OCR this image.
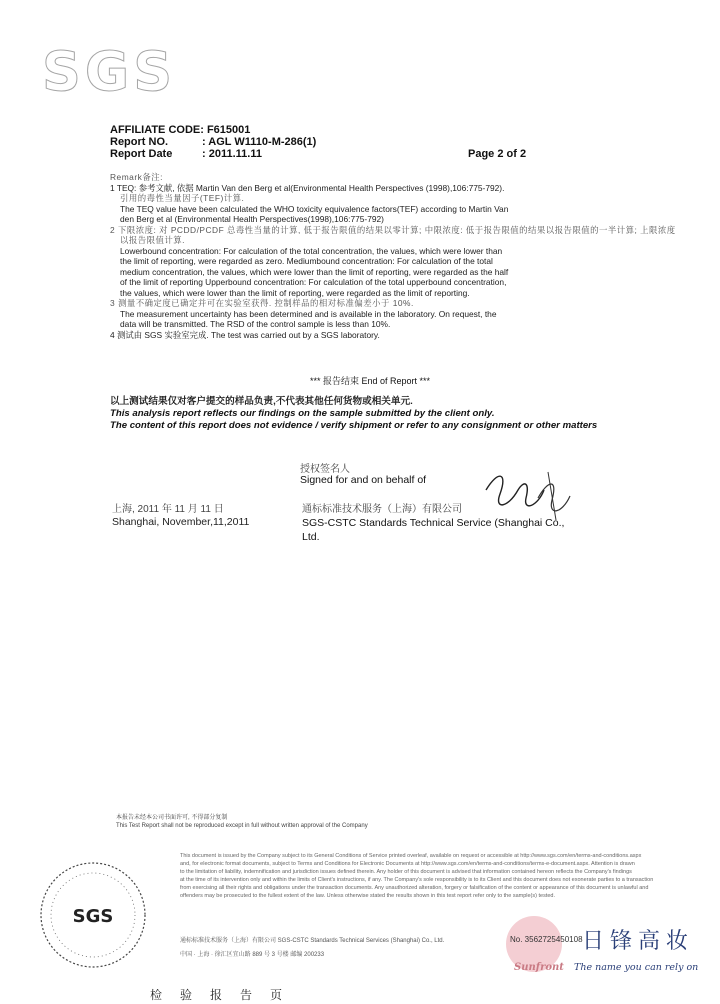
SGS
AFFILIATE CODE: F615001
Report NO.	: AGL W1110-M-286(1)
Report Date	: 2011.11.11	Page 2 of 2

Remark备注:

1 TEQ: 参考文献, 依据 Martin Van den Berg et al(Environmental Health Perspectives (1998),106:775-792).

引用的毒性当量因子(TEF)计算.

The TEQ value have been calculated the WHO toxicity equivalence factors(TEF) according to Martin Van

den Berg et al (Environmental Health Perspectives(1998),106:775-792)

2 下限浓度: 对 PCDD/PCDF 总毒性当量的计算, 低于报告限值的结果以零计算; 中限浓度: 低于报告限值的结果以报告限值的一半计算; 上限浓度

以报告限值计算.

Lowerbound concentration: For calculation of the total concentration, the values, which were lower than

the limit of reporting, were regarded as zero. Mediumbound concentration: For calculation of the total

medium concentration, the values, which were lower than the limit of reporting, were regarded as the half

of the limit of reporting Upperbound concentration: For calculation of the total upperbound concentration,

the values, which were lower than the limit of reporting, were regarded as the limit of reporting.

3 测量不确定度已确定并可在实验室获得. 控制样品的相对标准偏差小于 10%.

The measurement uncertainty has been determined and is available in the laboratory. On request, the

data will be transmitted. The RSD of the control sample is less than 10%.

4 测试由 SGS 实验室完成. The test was carried out by a SGS laboratory.

*** 报告结束 End of Report ***
以上测试结果仅对客户提交的样品负责,不代表其他任何货物或相关单元.
This analysis report reflects our findings on the sample submitted by the client only.
The content of this report does not evidence / verify shipment or refer to any consignment or other matters
授权签名人
Signed for and on behalf of
上海, 2011 年 11 月 11 日
Shanghai, November,11,2011
通标标准技术服务（上海）有限公司
SGS-CSTC Standards Technical Service (Shanghai Co.,
Ltd.
本报告未经本公司书面许可, 不得部分复制
This Test Report shall not be reproduced except in full without written approval of the Company
This document is issued by the Company subject to its General Conditions of Service printed overleaf, available on request or accessible at http://www.sgs.com/en/terms-and-conditions.aspx
and, for electronic format documents, subject to Terms and Conditions for Electronic Documents at http://www.sgs.com/en/terms-and-conditions/terms-e-document.aspx. Attention is drawn
to the limitation of liability, indemnification and jurisdiction issues defined therein. Any holder of this document is advised that information contained hereon reflects the Company's findings
at the time of its intervention only and within the limits of Client's instructions, if any. The Company's sole responsibility is to its Client and this document does not exonerate parties to a transaction
from exercising all their rights and obligations under the transaction documents. Any unauthorized alteration, forgery or falsification of the content or appearance of this document is unlawful and
offenders may be prosecuted to the fullest extent of the law. Unless otherwise stated the results shown in this test report refer only to the sample(s) tested.
SGS
通标标准技术服务（上海）有限公司 SGS-CSTC Standards Technical Services (Shanghai) Co., Ltd.
中国 · 上海 · 徐汇区宜山路 889 号 3 号楼 邮编 200233
No. 3562725450108 日锋高妆
Sunfront The name you can rely on
检验报告页
